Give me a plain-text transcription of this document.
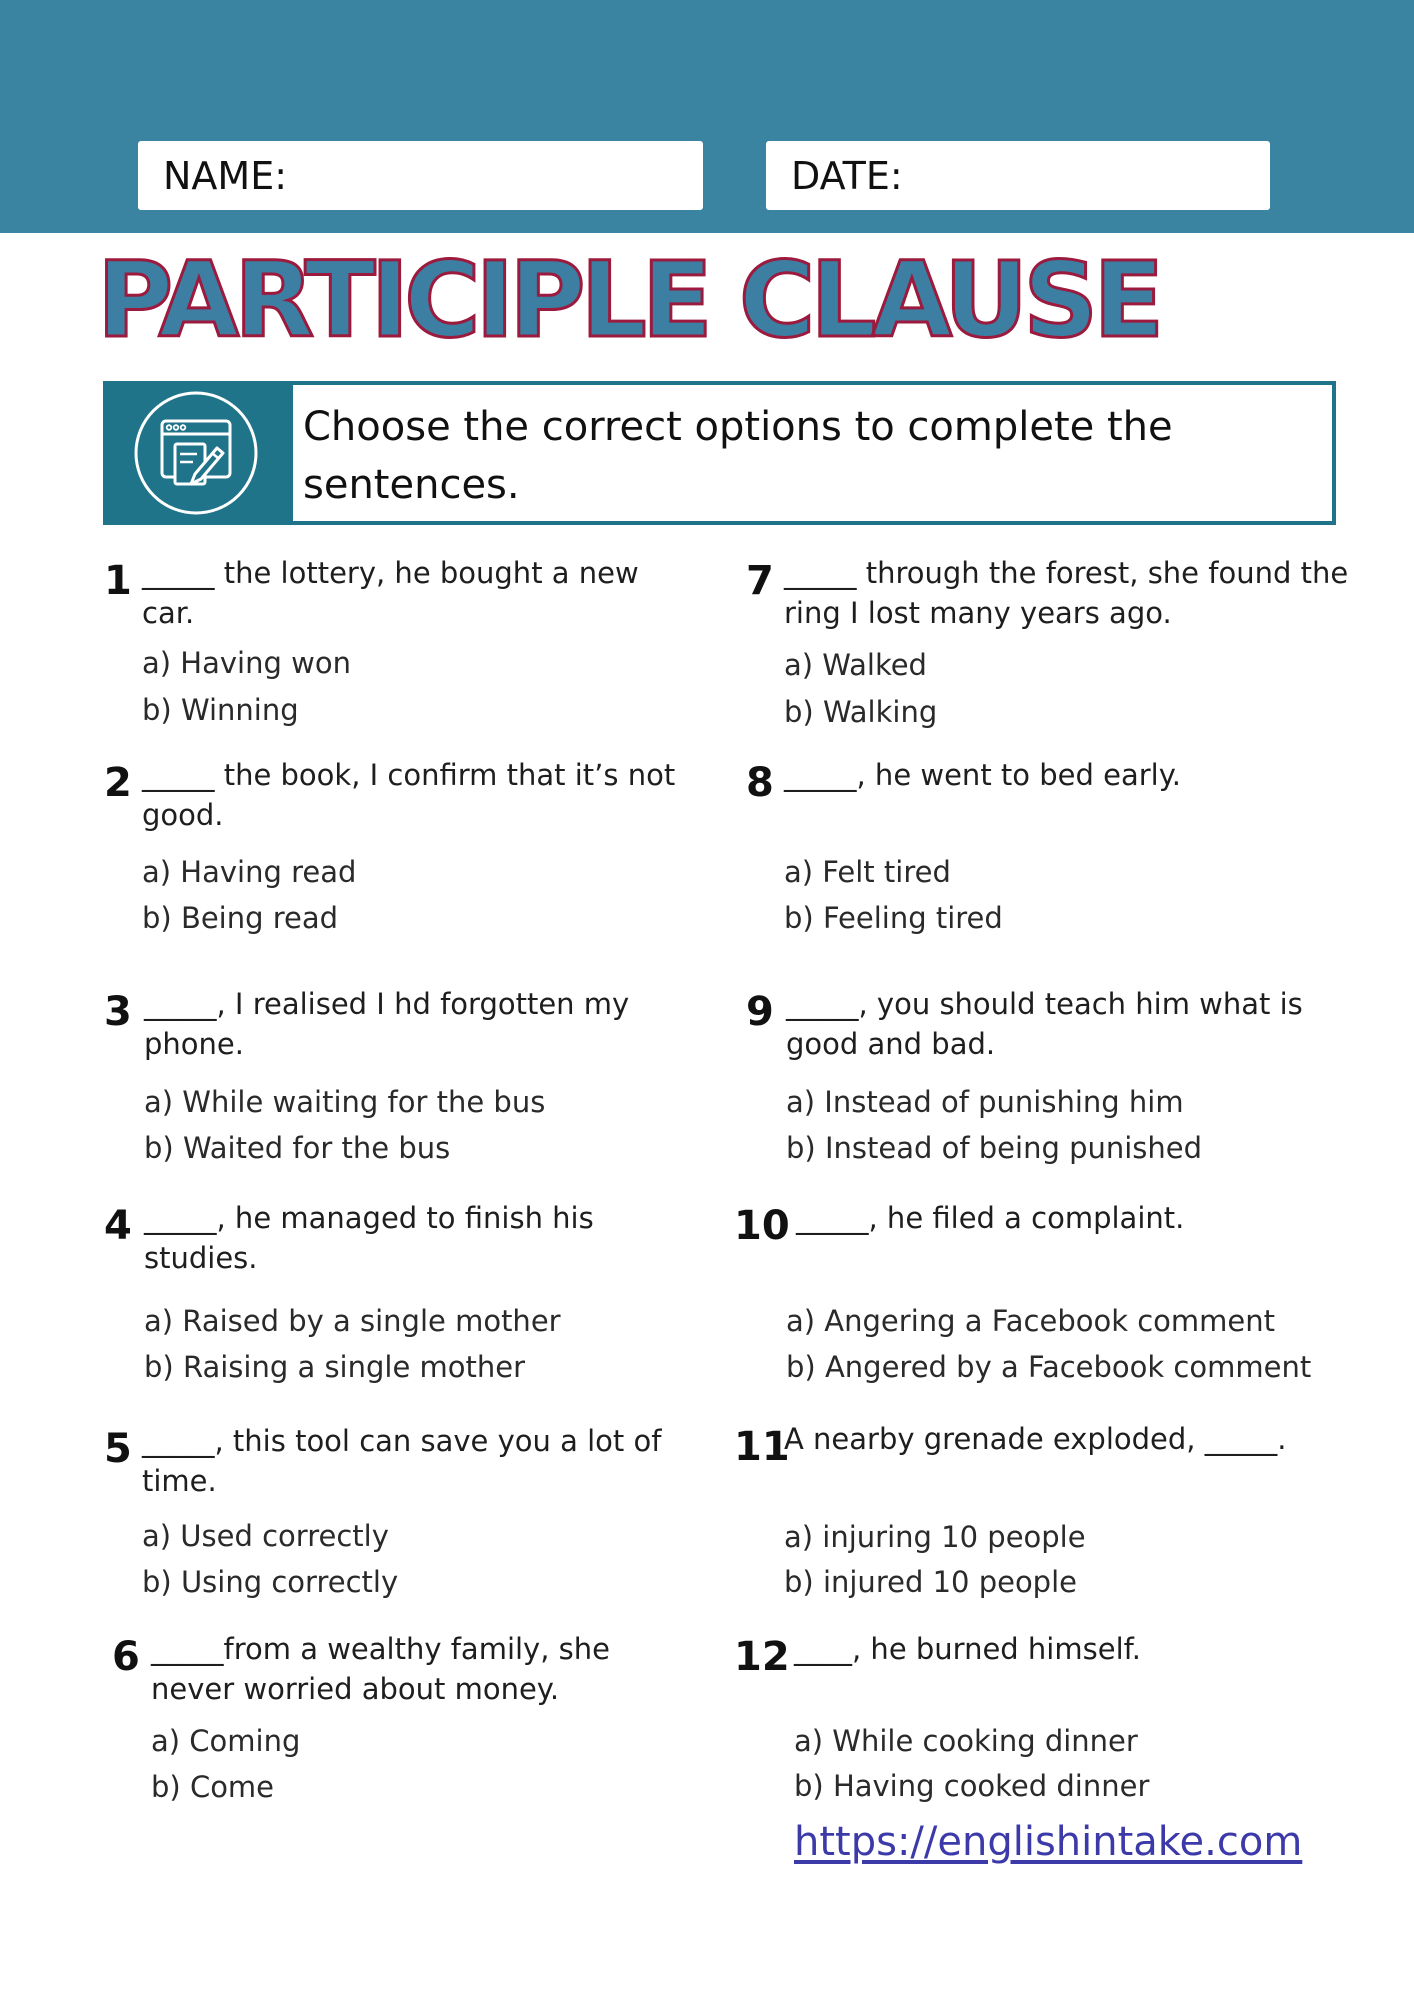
NAME:	DATE:
PARTICIPLE CLAUSE
Choose the correct options to complete the sentences.
1 _____ the lottery, he bought a new car.
a) Having won
b) Winning
2 _____ the book, I confirm that it’s not good.
a) Having read
b) Being read
3 _____, I realised I hd forgotten my phone.
a) While waiting for the bus
b) Waited for the bus
4 _____, he managed to finish his studies.
a) Raised by a single mother
b) Raising a single mother
5 _____, this tool can save you a lot of time.
a) Used correctly
b) Using correctly
6 _____from a wealthy family, she never worried about money.
a) Coming
b) Come
7 _____ through the forest, she found the ring I lost many years ago.
a) Walked
b) Walking
8 _____, he went to bed early.
a) Felt tired
b) Feeling tired
9 _____, you should teach him what is good and bad.
a) Instead of punishing him
b) Instead of being punished
10 _____, he filed a complaint.
a) Angering a Facebook comment
b) Angered by a Facebook comment
11
A nearby grenade exploded, _____.
a) injuring 10 people
b) injured 10 people
12 ____, he burned himself.
a) While cooking dinner
b) Having cooked dinner
https://englishintake.com
